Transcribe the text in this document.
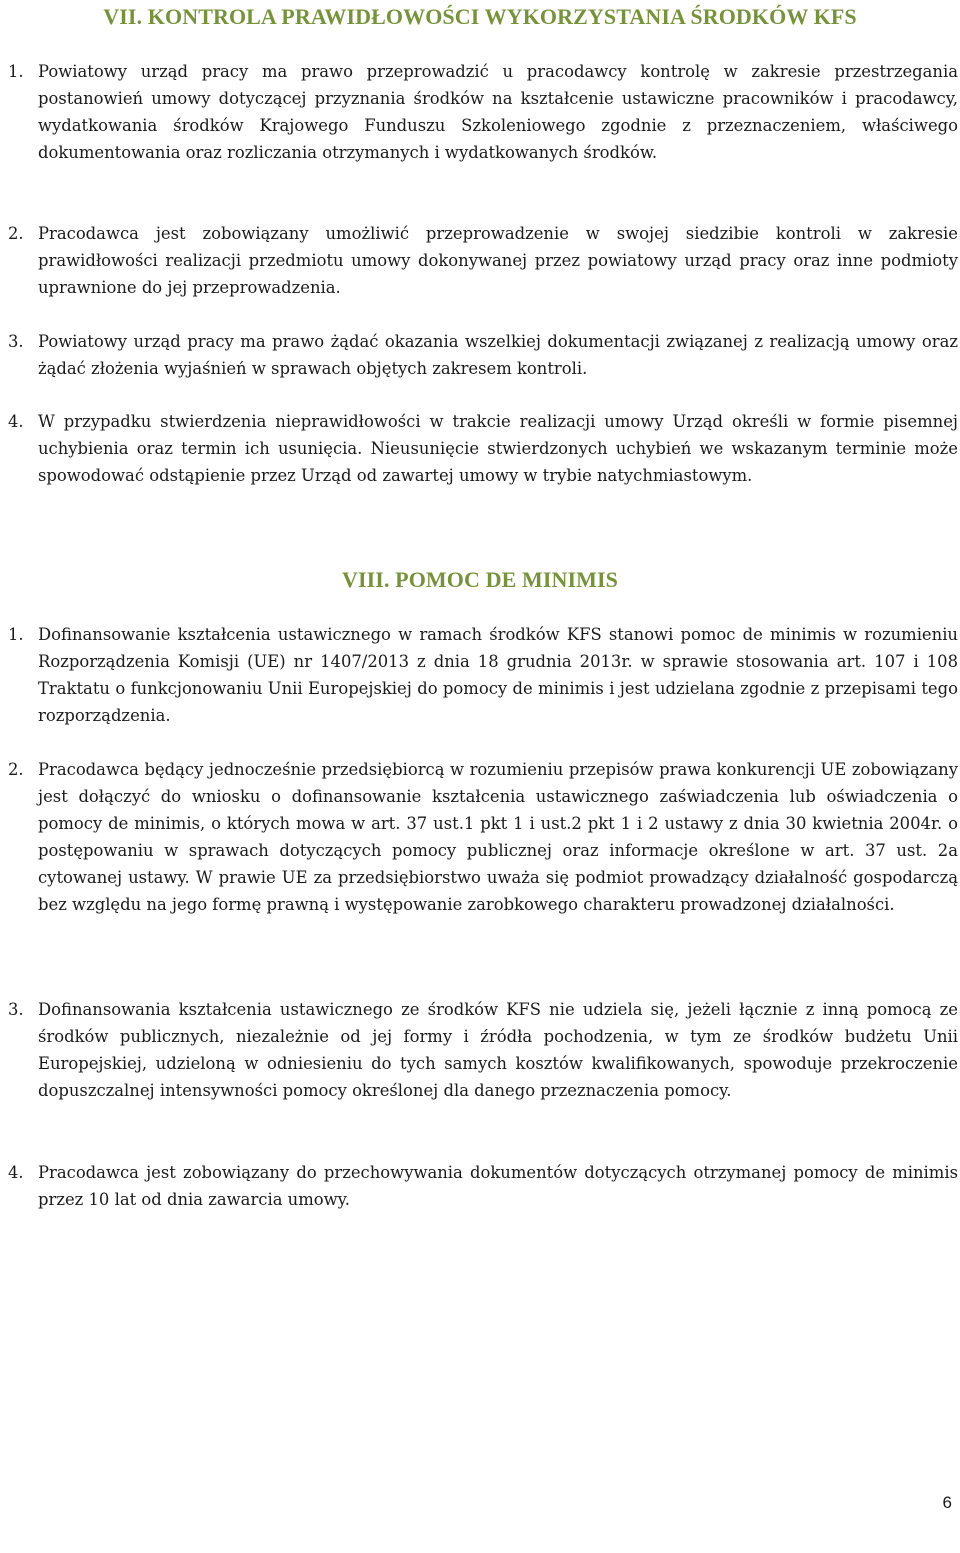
VII. KONTROLA PRAWIDŁOWOŚCI WYKORZYSTANIA ŚRODKÓW KFS
1. Powiatowy urząd pracy ma prawo przeprowadzić u pracodawcy kontrolę w zakresie przestrzegania postanowień umowy dotyczącej przyznania środków na kształcenie ustawiczne pracowników i pracodawcy, wydatkowania środków Krajowego Funduszu Szkoleniowego zgodnie z przeznaczeniem, właściwego dokumentowania oraz rozliczania otrzymanych i wydatkowanych środków.
2. Pracodawca jest zobowiązany umożliwić przeprowadzenie w swojej siedzibie kontroli w zakresie prawidłowości realizacji przedmiotu umowy dokonywanej przez powiatowy urząd pracy oraz inne podmioty uprawnione do jej przeprowadzenia.
3. Powiatowy urząd pracy ma prawo żądać okazania wszelkiej dokumentacji związanej z realizacją umowy oraz żądać złożenia wyjaśnień w sprawach objętych zakresem kontroli.
4. W przypadku stwierdzenia nieprawidłowości w trakcie realizacji umowy Urząd określi w formie pisemnej uchybienia oraz termin ich usunięcia. Nieusunięcie stwierdzonych uchybień we wskazanym terminie może spowodować odstąpienie przez Urząd od zawartej umowy w trybie natychmiastowym.
VIII. POMOC DE MINIMIS
1. Dofinansowanie kształcenia ustawicznego w ramach środków KFS stanowi pomoc de minimis w rozumieniu Rozporządzenia Komisji (UE) nr 1407/2013 z dnia 18 grudnia 2013r. w sprawie stosowania art. 107 i 108 Traktatu o funkcjonowaniu Unii Europejskiej do pomocy de minimis i jest udzielana zgodnie z przepisami tego rozporządzenia.
2. Pracodawca będący jednocześnie przedsiębiorcą w rozumieniu przepisów prawa konkurencji UE zobowiązany jest dołączyć do wniosku o dofinansowanie kształcenia ustawicznego zaświadczenia lub oświadczenia o pomocy de minimis, o których mowa w art. 37 ust.1 pkt 1 i ust.2 pkt 1 i 2 ustawy z dnia 30 kwietnia 2004r. o postępowaniu w sprawach dotyczących pomocy publicznej oraz informacje określone w art. 37 ust. 2a cytowanej ustawy. W prawie UE za przedsiębiorstwo uważa się podmiot prowadzący działalność gospodarczą bez względu na jego formę prawną i występowanie zarobkowego charakteru prowadzonej działalności.
3. Dofinansowania kształcenia ustawicznego ze środków KFS nie udziela się, jeżeli łącznie z inną pomocą ze środków publicznych, niezależnie od jej formy i źródła pochodzenia, w tym ze środków budżetu Unii Europejskiej, udzieloną w odniesieniu do tych samych kosztów kwalifikowanych, spowoduje przekroczenie dopuszczalnej intensywności pomocy określonej dla danego przeznaczenia pomocy.
4. Pracodawca jest zobowiązany do przechowywania dokumentów dotyczących otrzymanej pomocy de minimis przez 10 lat od dnia zawarcia umowy.
6
